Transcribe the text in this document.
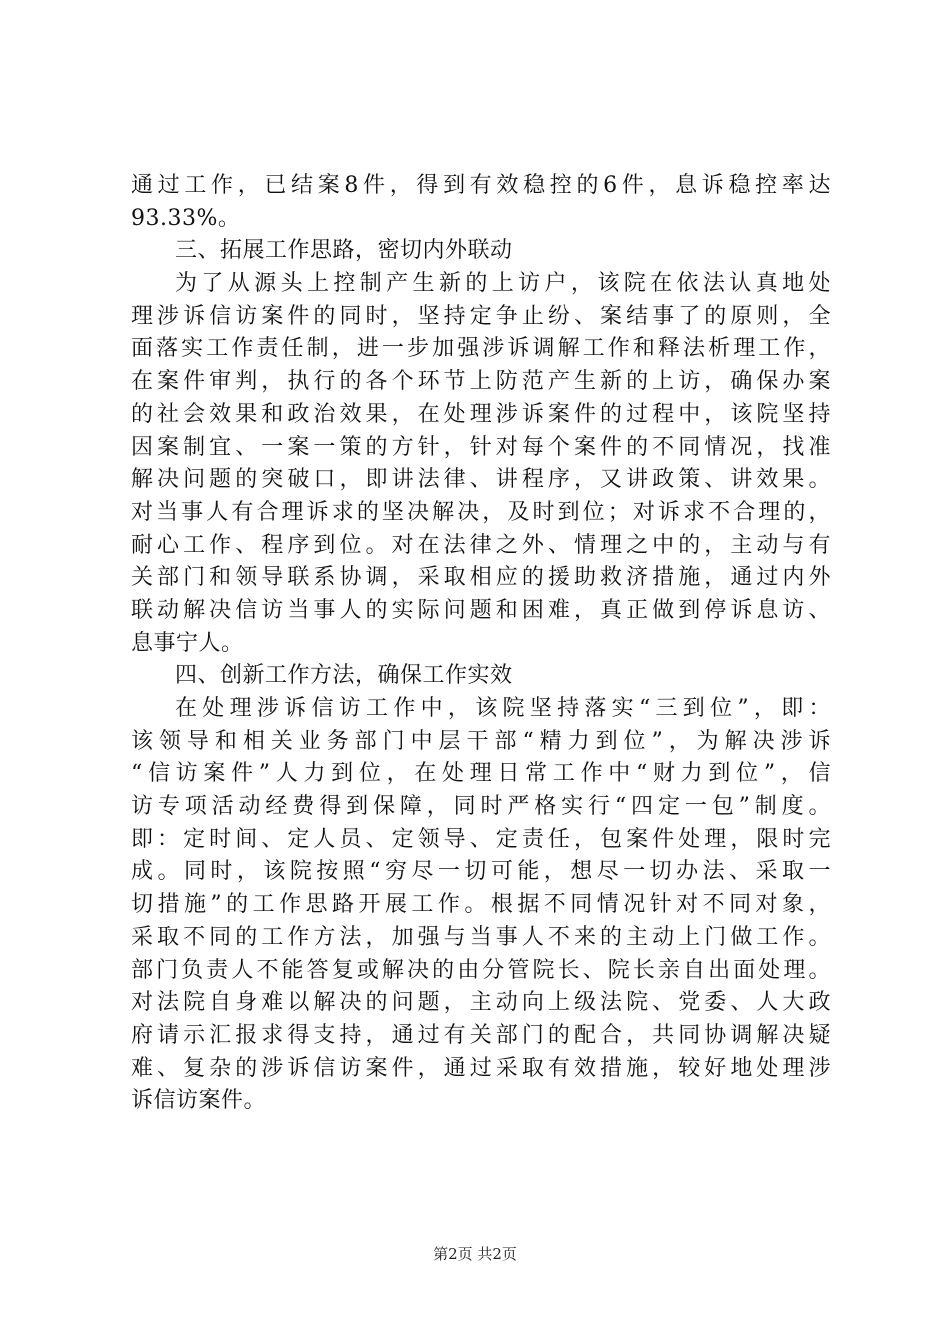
通过工作，已结案8件，得到有效稳控的6件，息诉稳控率达
93.33%。
三、拓展工作思路，密切内外联动
为了从源头上控制产生新的上访户，该院在依法认真地处
理涉诉信访案件的同时，坚持定争止纷、案结事了的原则，全
面落实工作责任制，进一步加强涉诉调解工作和释法析理工作，
在案件审判，执行的各个环节上防范产生新的上访，确保办案
的社会效果和政治效果，在处理涉诉案件的过程中，该院坚持
因案制宜、一案一策的方针，针对每个案件的不同情况，找准
解决问题的突破口，即讲法律、讲程序，又讲政策、讲效果。
对当事人有合理诉求的坚决解决，及时到位；对诉求不合理的，
耐心工作、程序到位。对在法律之外、情理之中的，主动与有
关部门和领导联系协调，采取相应的援助救济措施，通过内外
联动解决信访当事人的实际问题和困难，真正做到停诉息访、
息事宁人。
四、创新工作方法，确保工作实效
在处理涉诉信访工作中，该院坚持落实“三到位”，即：
该领导和相关业务部门中层干部“精力到位”，为解决涉诉
“信访案件”人力到位，在处理日常工作中“财力到位”，信
访专项活动经费得到保障，同时严格实行“四定一包”制度。
即：定时间、定人员、定领导、定责任，包案件处理，限时完
成。同时，该院按照“穷尽一切可能，想尽一切办法、采取一
切措施”的工作思路开展工作。根据不同情况针对不同对象，
采取不同的工作方法，加强与当事人不来的主动上门做工作。
部门负责人不能答复或解决的由分管院长、院长亲自出面处理。
对法院自身难以解决的问题，主动向上级法院、党委、人大政
府请示汇报求得支持，通过有关部门的配合，共同协调解决疑
难、复杂的涉诉信访案件，通过采取有效措施，较好地处理涉
诉信访案件。
第2页 共2页
